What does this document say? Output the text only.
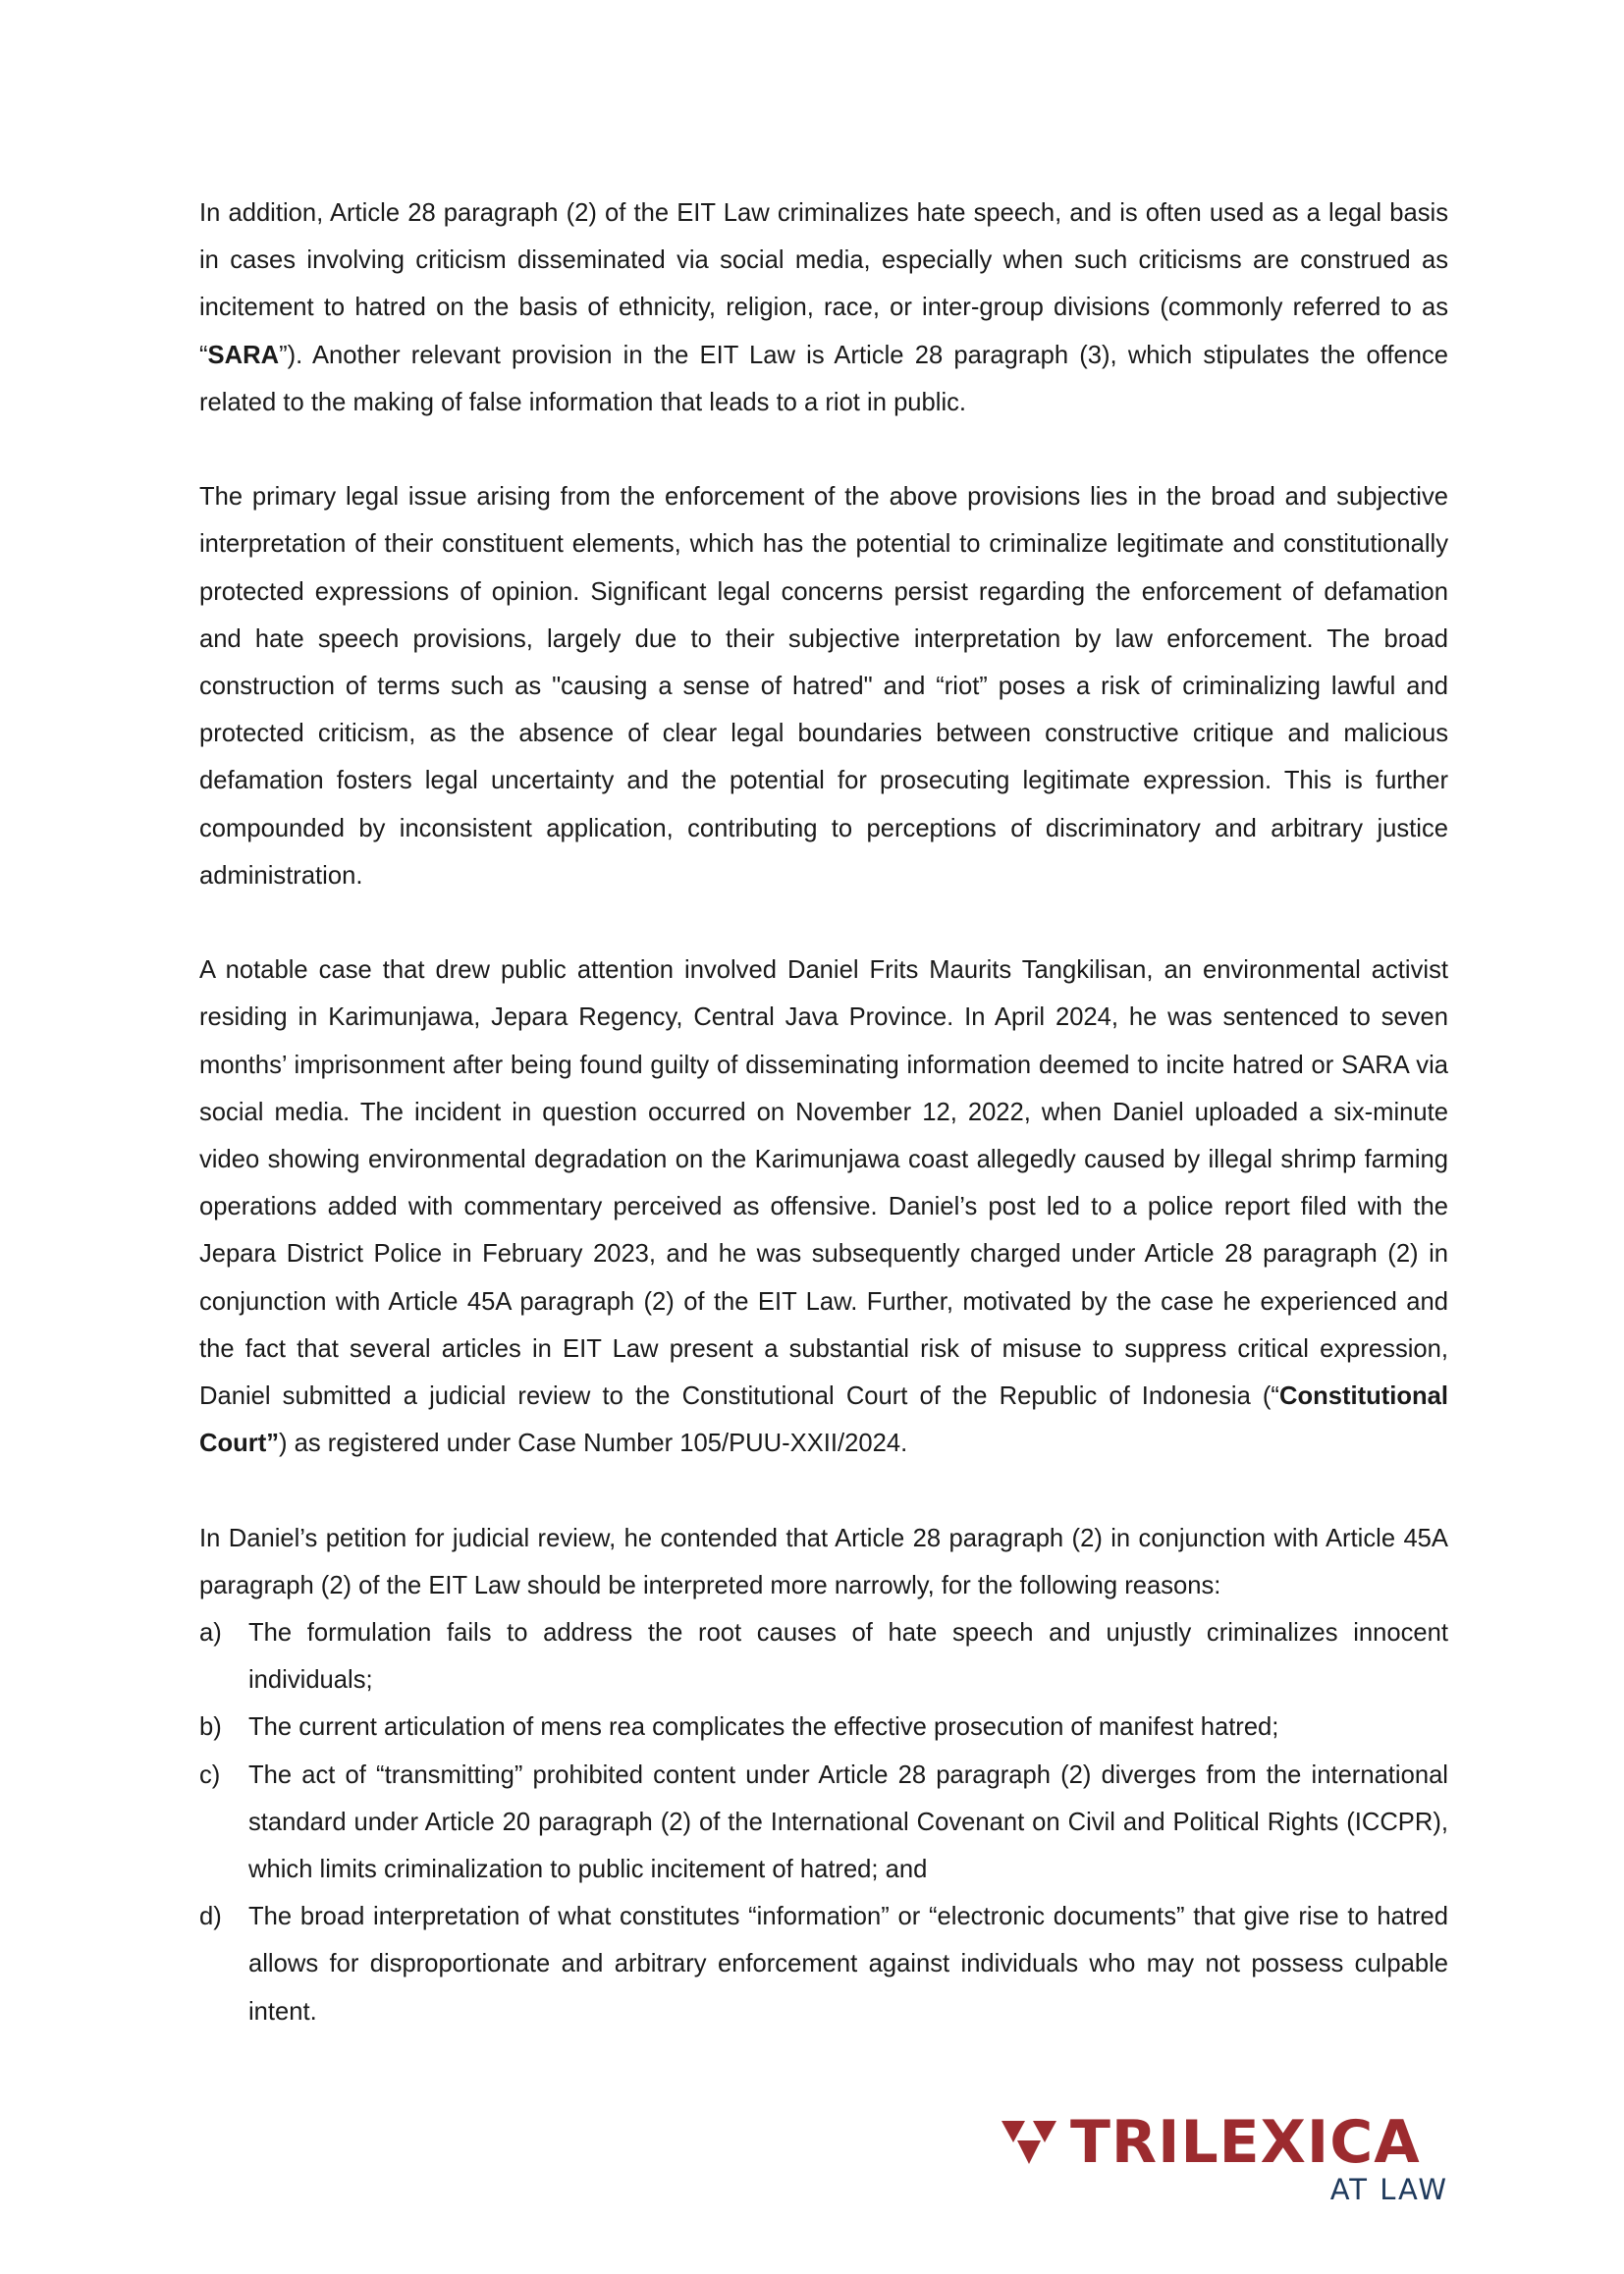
In addition, Article 28 paragraph (2) of the EIT Law criminalizes hate speech, and is often used as a legal basis in cases involving criticism disseminated via social media, especially when such criticisms are construed as incitement to hatred on the basis of ethnicity, religion, race, or inter-group divisions (commonly referred to as “SARA”). Another relevant provision in the EIT Law is Article 28 paragraph (3), which stipulates the offence related to the making of false information that leads to a riot in public.

The primary legal issue arising from the enforcement of the above provisions lies in the broad and subjective interpretation of their constituent elements, which has the potential to criminalize legitimate and constitutionally protected expressions of opinion. Significant legal concerns persist regarding the enforcement of defamation and hate speech provisions, largely due to their subjective interpretation by law enforcement. The broad construction of terms such as "causing a sense of hatred" and “riot” poses a risk of criminalizing lawful and protected criticism, as the absence of clear legal boundaries between constructive critique and malicious defamation fosters legal uncertainty and the potential for prosecuting legitimate expression. This is further compounded by inconsistent application, contributing to perceptions of discriminatory and arbitrary justice administration.

A notable case that drew public attention involved Daniel Frits Maurits Tangkilisan, an environmental activist residing in Karimunjawa, Jepara Regency, Central Java Province. In April 2024, he was sentenced to seven months’ imprisonment after being found guilty of disseminating information deemed to incite hatred or SARA via social media. The incident in question occurred on November 12, 2022, when Daniel uploaded a six-minute video showing environmental degradation on the Karimunjawa coast allegedly caused by illegal shrimp farming operations added with commentary perceived as offensive. Daniel’s post led to a police report filed with the Jepara District Police in February 2023, and he was subsequently charged under Article 28 paragraph (2) in conjunction with Article 45A paragraph (2) of the EIT Law. Further, motivated by the case he experienced and the fact that several articles in EIT Law present a substantial risk of misuse to suppress critical expression, Daniel submitted a judicial review to the Constitutional Court of the Republic of Indonesia (“Constitutional Court”) as registered under Case Number 105/PUU-XXII/2024.

In Daniel’s petition for judicial review, he contended that Article 28 paragraph (2) in conjunction with Article 45A paragraph (2) of the EIT Law should be interpreted more narrowly, for the following reasons:

a) The formulation fails to address the root causes of hate speech and unjustly criminalizes innocent individuals;
b) The current articulation of mens rea complicates the effective prosecution of manifest hatred;
c) The act of “transmitting” prohibited content under Article 28 paragraph (2) diverges from the international standard under Article 20 paragraph (2) of the International Covenant on Civil and Political Rights (ICCPR), which limits criminalization to public incitement of hatred; and
d) The broad interpretation of what constitutes “information” or “electronic documents” that give rise to hatred allows for disproportionate and arbitrary enforcement against individuals who may not possess culpable intent.
TRILEXICA
AT LAW
